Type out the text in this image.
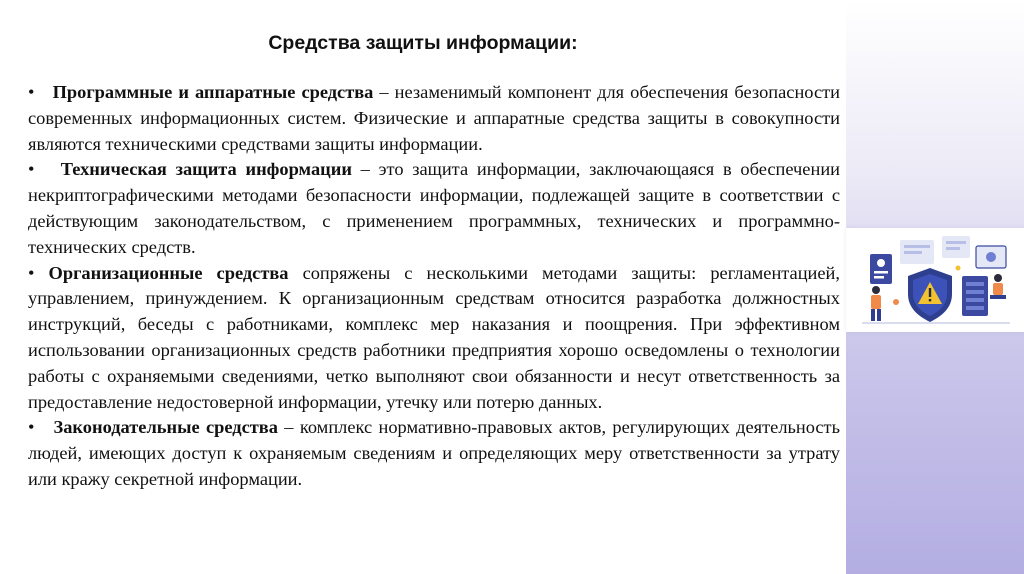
Средства защиты информации:

• Программные и аппаратные средства – незаменимый компонент для обеспечения безопасности современных информационных систем. Физические и аппаратные средства защиты в совокупности являются техническими средствами защиты информации.

• Техническая защита информации – это защита информации, заключающаяся в обеспечении некриптографическими методами безопасности информации, подлежащей защите в соответствии с действующим законодательством, с применением программных, технических и программно-технических средств.

• Организационные средства сопряжены с несколькими методами защиты: регламентацией, управлением, принуждением. К организационным средствам относится разработка должностных инструкций, беседы с работниками, комплекс мер наказания и поощрения. При эффективном использовании организационных средств работники предприятия хорошо осведомлены о технологии работы с охраняемыми сведениями, четко выполняют свои обязанности и несут ответственность за предоставление недостоверной информации, утечку или потерю данных.

• Законодательные средства – комплекс нормативно-правовых актов, регулирующих деятельность людей, имеющих доступ к охраняемым сведениям и определяющих меру ответственности за утрату или кражу секретной информации.
